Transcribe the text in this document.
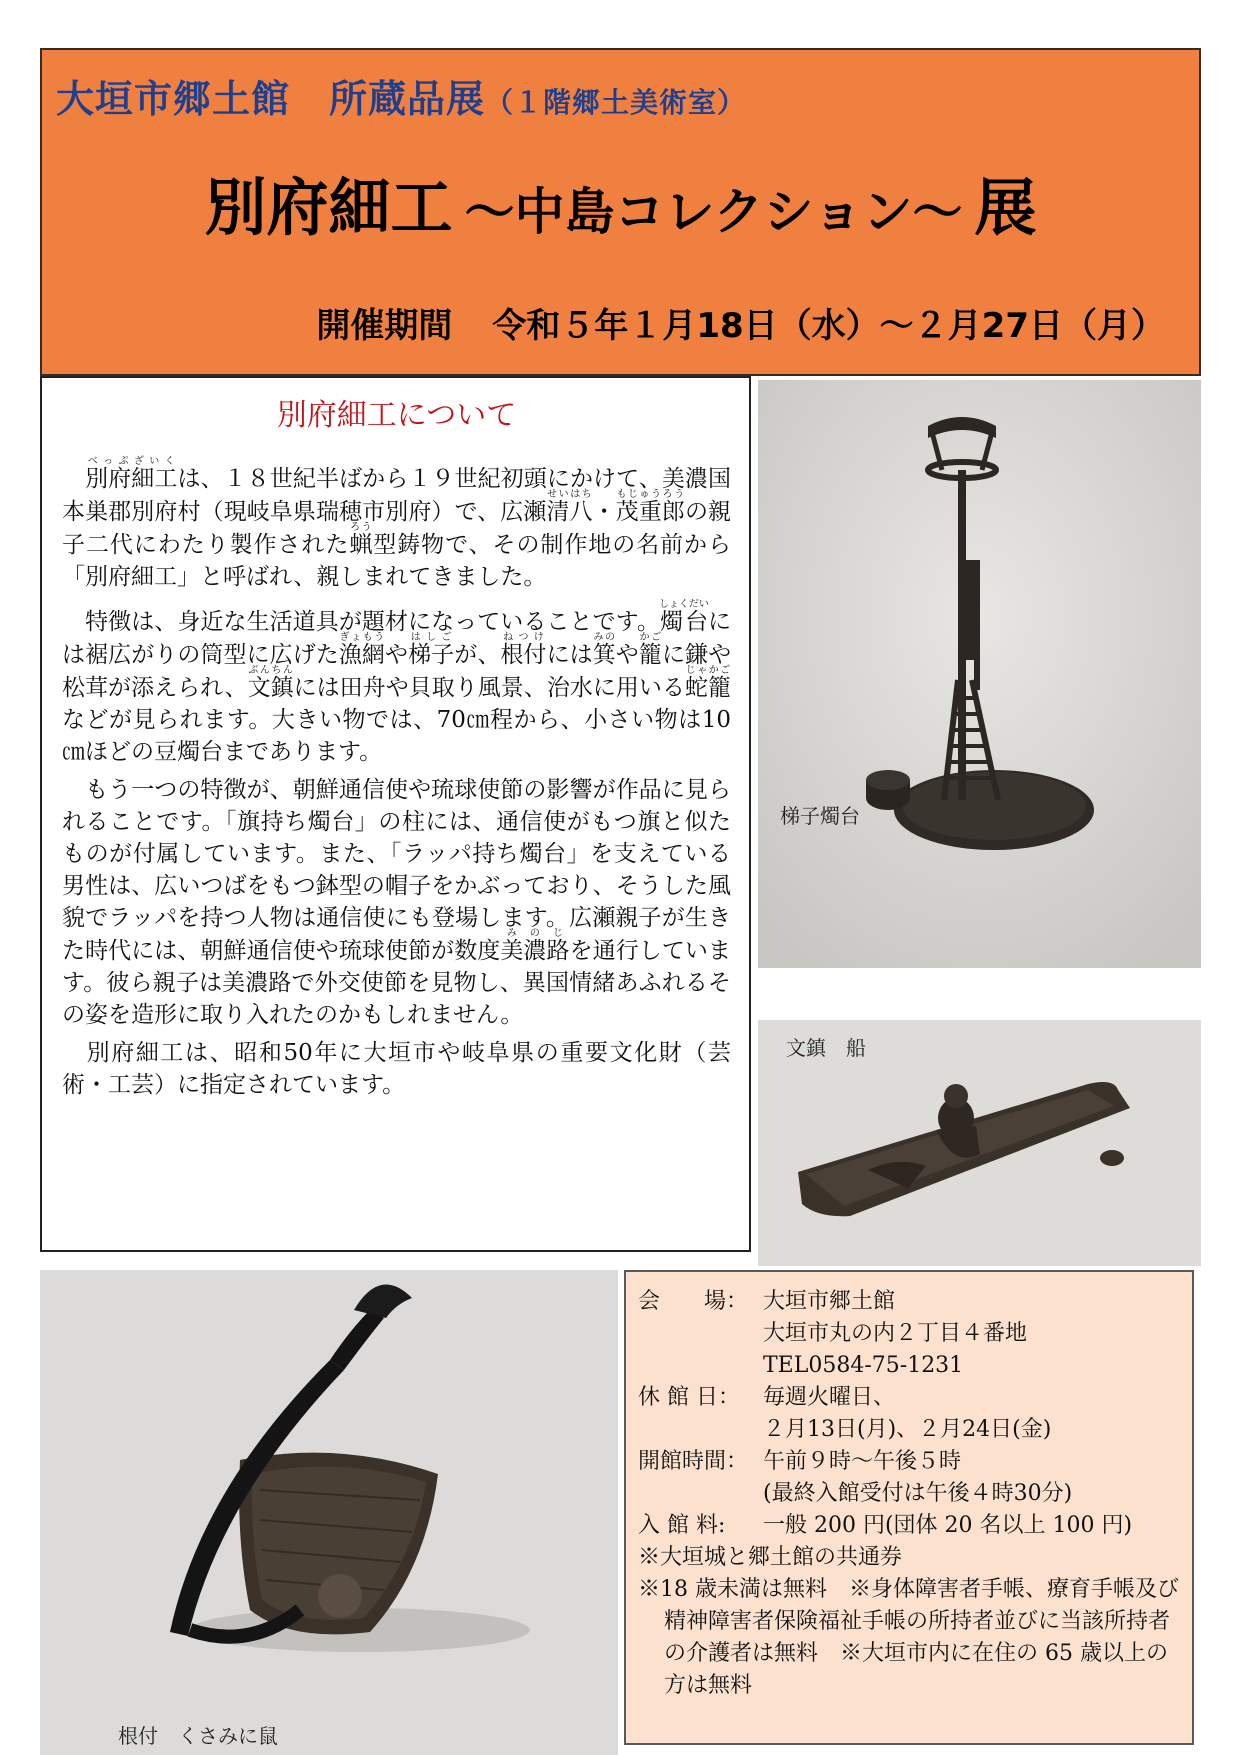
大垣市郷土館　所蔵品展（１階郷土美術室）
別府細工 ～中島コレクション～ 展
開催期間 令和５年１月18日（水）～２月27日（月）
別府細工について

　別府細工べっぷざいくは、１８世紀半ばから１９世紀初頭にかけて、美濃国本巣郡別府村（現岐阜県瑞穂市別府）で、広瀬清八せいはち・茂重郎もじゅうろうの親子二代にわたり製作された蝋ろう型鋳物で、その制作地の名前から「別府細工」と呼ばれ、親しまれてきました。

　特徴は、身近な生活道具が題材になっていることです。燭台しょくだいには裾広がりの筒型に広げた漁網ぎょもうや梯子はしごが、根付ねつけには箕みのや籠かごに鎌や松茸が添えられ、文鎮ぶんちんには田舟や貝取り風景、治水に用いる蛇籠じゃかごなどが見られます。大きい物では、70㎝程から、小さい物は10㎝ほどの豆燭台まであります。

　もう一つの特徴が、朝鮮通信使や琉球使節の影響が作品に見られることです。「旗持ち燭台」の柱には、通信使がもつ旗と似たものが付属しています。また、「ラッパ持ち燭台」を支えている男性は、広いつばをもつ鉢型の帽子をかぶっており、そうした風貌でラッパを持つ人物は通信使にも登場します。広瀬親子が生きた時代には、朝鮮通信使や琉球使節が数度美濃路みのじを通行しています。彼ら親子は美濃路で外交使節を見物し、異国情緒あふれるその姿を造形に取り入れたのかもしれません。

　別府細工は、昭和50年に大垣市や岐阜県の重要文化財（芸術・工芸）に指定されています。

梯子燭台
文鎮　船
根付　くさみに鼠
会　　場： 大垣市郷土館
大垣市丸の内２丁目４番地
TEL0584-75-1231
休 館 日：	毎週火曜日、
２月13日(月)、２月24日(金)
開館時間： 午前９時～午後５時
(最終入館受付は午後４時30分)
入 館 料:	一般 200 円(団体 20 名以上 100 円)
※大垣城と郷土館の共通券
※18 歳未満は無料　※身体障害者手帳、療育手帳及び精神障害者保険福祉手帳の所持者並びに当該所持者の介護者は無料　※大垣市内に在住の 65 歳以上の方は無料
